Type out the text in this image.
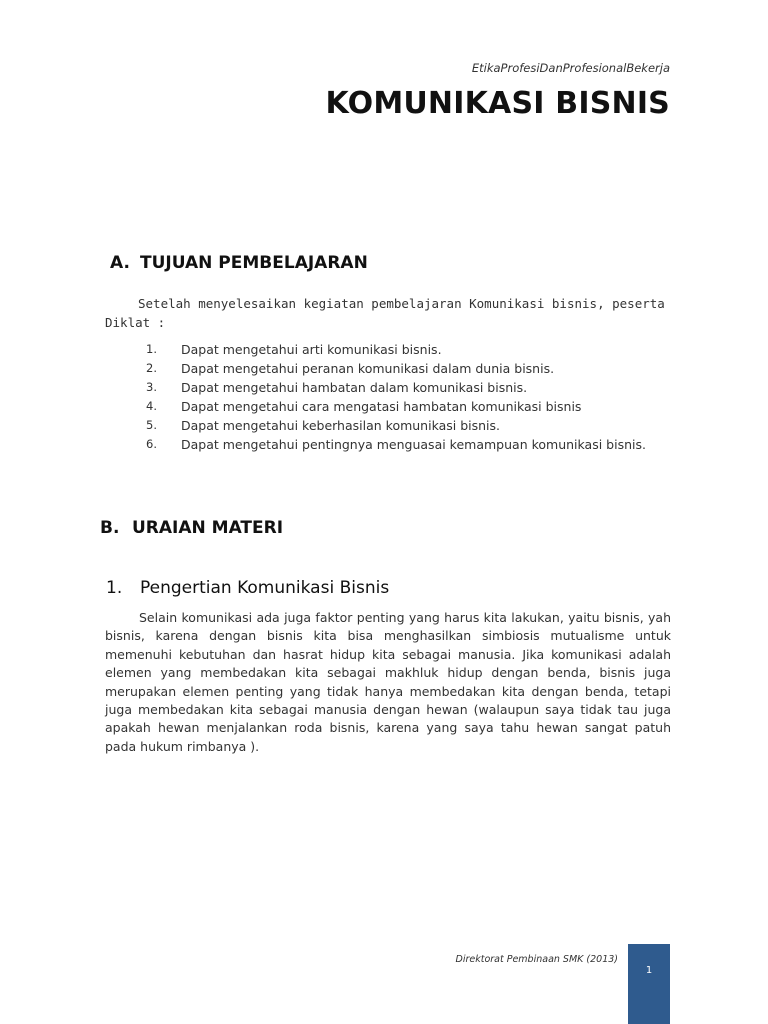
EtikaProfesiDanProfesionalBekerja
KOMUNIKASI BISNIS
A. TUJUAN PEMBELAJARAN
Setelah menyelesaikan kegiatan pembelajaran Komunikasi bisnis, peserta Diklat :
1.	Dapat mengetahui arti komunikasi bisnis.
2.	Dapat mengetahui peranan komunikasi dalam dunia bisnis.
3.	Dapat mengetahui hambatan dalam komunikasi bisnis.
4.	Dapat mengetahui cara mengatasi hambatan komunikasi bisnis
5.	Dapat mengetahui keberhasilan komunikasi bisnis.
6.	Dapat mengetahui pentingnya menguasai kemampuan komunikasi bisnis.
B. URAIAN MATERI
1. Pengertian Komunikasi Bisnis

Selain komunikasi ada juga faktor penting yang harus kita lakukan, yaitu bisnis, yah bisnis, karena dengan bisnis kita bisa menghasilkan simbiosis mutualisme untuk memenuhi kebutuhan dan hasrat hidup kita sebagai manusia. Jika komunikasi adalah elemen yang membedakan kita sebagai makhluk hidup dengan benda, bisnis juga merupakan elemen penting yang tidak hanya membedakan kita dengan benda, tetapi juga membedakan kita sebagai manusia dengan hewan (walaupun saya tidak tau juga apakah hewan menjalankan roda bisnis, karena yang saya tahu hewan sangat patuh pada hukum rimbanya ).

Direktorat Pembinaan SMK (2013)
1
